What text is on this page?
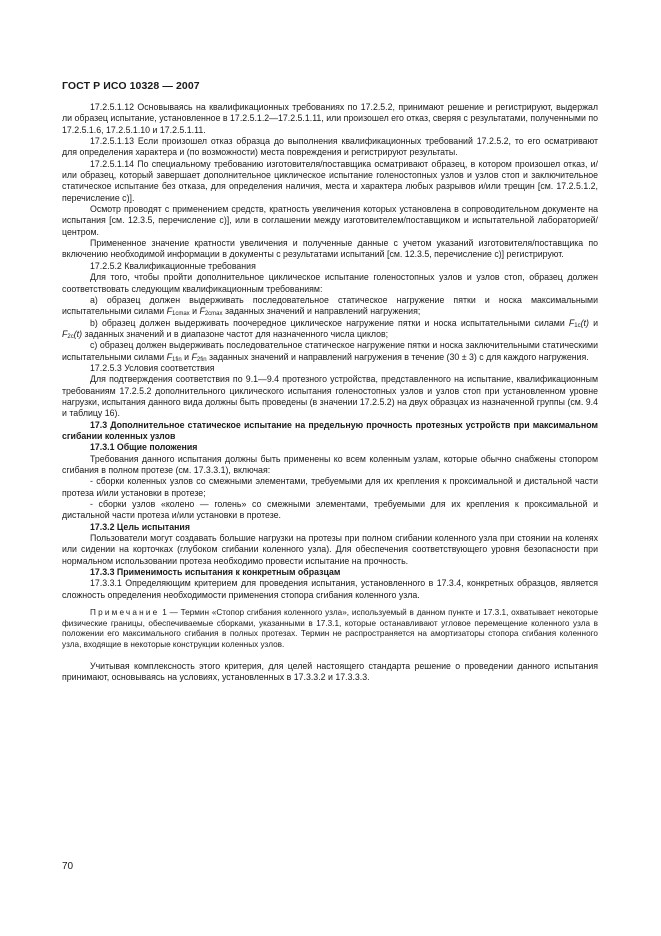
ГОСТ Р ИСО 10328 — 2007

17.2.5.1.12 Основываясь на квалификационных требованиях по 17.2.5.2, принимают решение и регистрируют, выдержал ли образец испытание, установленное в 17.2.5.1.2—17.2.5.1.11, или произошел его отказ, сверяя с результатами, полученными по 17.2.5.1.6, 17.2.5.1.10 и 17.2.5.1.11.

17.2.5.1.13 Если произошел отказ образца до выполнения квалификационных требований 17.2.5.2, то его осматривают для определения характера и (по возможности) места повреждения и регистрируют результаты.

17.2.5.1.14 По специальному требованию изготовителя/поставщика осматривают образец, в котором произошел отказ, и/или образец, который завершает дополнительное циклическое испытание голеностопных узлов и узлов стоп и заключительное статическое испытание без отказа, для определения наличия, места и характера любых разрывов и/или трещин [см. 17.2.5.1.2, перечисление c)].

Осмотр проводят с применением средств, кратность увеличения которых установлена в сопроводительном документе на испытания [см. 12.3.5, перечисление c)], или в соглашении между изготовителем/поставщиком и испытательной лабораторией/центром.

Примененное значение кратности увеличения и полученные данные с учетом указаний изготовителя/поставщика по включению необходимой информации в документы с результатами испытаний [см. 12.3.5, перечисление c)] регистрируют.

17.2.5.2 Квалификационные требования

Для того, чтобы пройти дополнительное циклическое испытание голеностопных узлов и узлов стоп, образец должен соответствовать следующим квалификационным требованиям:

а) образец должен выдерживать последовательное статическое нагружение пятки и носка максимальными испытательными силами $F_{1cmax}$ и $F_{2cmax}$ заданных значений и направлений нагружения;

b) образец должен выдерживать поочередное циклическое нагружение пятки и носка испытательными силами $F_{1c}(t)$ и $F_{2c}(t)$ заданных значений и в диапазоне частот для назначенного числа циклов;

c) образец должен выдерживать последовательное статическое нагружение пятки и носка заключительными статическими испытательными силами $F_{1fin}$ и $F_{2fin}$ заданных значений и направлений нагружения в течение (30 ± 3) с для каждого нагружения.

17.2.5.3 Условия соответствия

Для подтверждения соответствия по 9.1—9.4 протезного устройства, представленного на испытание, квалификационным требованиям 17.2.5.2 дополнительного циклического испытания голеностопных узлов и узлов стоп при установленном уровне нагрузки, испытания данного вида должны быть проведены (в значении 17.2.5.2) на двух образцах из назначенной группы (см. 9.4 и таблицу 16).

17.3 Дополнительное статическое испытание на предельную прочность протезных устройств при максимальном сгибании коленных узлов

17.3.1 Общие положения

Требования данного испытания должны быть применены ко всем коленным узлам, которые обычно снабжены стопором сгибания в полном протезе (см. 17.3.3.1), включая:

- сборки коленных узлов со смежными элементами, требуемыми для их крепления к проксимальной и дистальной части протеза и/или установки в протезе;

- сборки узлов «колено — голень» со смежными элементами, требуемыми для их крепления к проксимальной и дистальной части протеза и/или установки в протезе.

17.3.2 Цель испытания

Пользователи могут создавать большие нагрузки на протезы при полном сгибании коленного узла при стоянии на коленях или сидении на корточках (глубоком сгибании коленного узла). Для обеспечения соответствующего уровня безопасности при нормальном использовании протеза необходимо провести испытание на прочность.

17.3.3 Применимость испытания к конкретным образцам

17.3.3.1 Определяющим критерием для проведения испытания, установленного в 17.3.4, конкретных образцов, является сложность определения необходимости применения стопора сгибания коленного узла.

Примечание 1 — Термин «Стопор сгибания коленного узла», используемый в данном пункте и 17.3.1, охватывает некоторые физические границы, обеспечиваемые сборками, указанными в 17.3.1, которые останавливают угловое перемещение коленного узла в положении его максимального сгибания в полных протезах. Термин не распространяется на амортизаторы стопора сгибания коленного узла, входящие в некоторые конструкции коленных узлов.

Учитывая комплексность этого критерия, для целей настоящего стандарта решение о проведении данного испытания принимают, основываясь на условиях, установленных в 17.3.3.2 и 17.3.3.3.

70
